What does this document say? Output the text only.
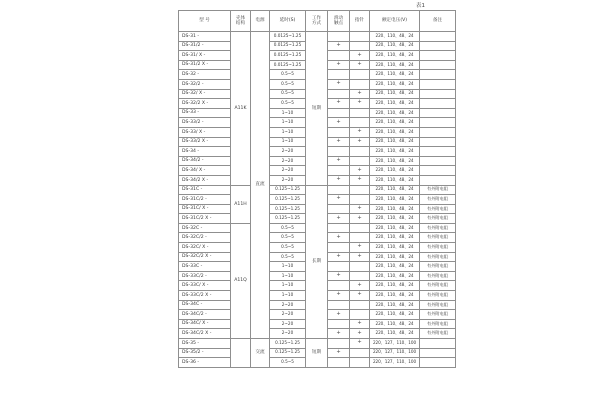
表1
型 号	壳体
结构	电源	延时(S)	工作
方式	滑动
触点	指针	额定电压(V)	备注
DS-31 -	A11K	直流	0.0125~1.25	短期			220、110、48、24	
DS-31/2 -			0.0125~1.25		+		220、110、48、24	
DS-31/ X -			0.0125~1.25			+	220、110、48、24	
DS-31/2 X -			0.0125~1.25		+	+	220、110、48、24	
DS-32 -			0.5~5				220、110、48、24	
DS-32/2 -			0.5~5		+		220、110、48、24	
DS-32/ X -			0.5~5			+	220、110、48、24	
DS-32/2 X -			0.5~5		+	+	220、110、48、24	
DS-33 -			1~10				220、110、48、24	
DS-33/2 -			1~10		+		220、110、48、24	
DS-33/ X -			1~10			+	220、110、48、24	
DS-33/2 X -			1~10		+	+	220、110、48、24	
DS-34 -			2~20				220、110、48、24	
DS-34/2 -			2~20		+		220、110、48、24	
DS-34/ X -			2~20			+	220、110、48、24	
DS-34/2 X -			2~20		+	+	220、110、48、24	
DS-31C -	A11H		0.125~1.25	长期			220、110、48、24	有外附电阻
DS-31C/2 -			0.125~1.25		+		220、110、48、24	有外附电阻
DS-31C/ X -			0.125~1.25			+	220、110、48、24	有外附电阻
DS-31C/2 X -			0.125~1.25		+	+	220、110、48、24	有外附电阻
DS-32C -	A11Q		0.5~5				220、110、48、24	有外附电阻
DS-32C/2 -			0.5~5		+		220、110、48、24	有外附电阻
DS-32C/ X -			0.5~5			+	220、110、48、24	有外附电阻
DS-32C/2 X -			0.5~5		+	+	220、110、48、24	有外附电阻
DS-33C -			1~10				220、110、48、24	有外附电阻
DS-33C/2 -			1~10		+		220、110、48、24	有外附电阻
DS-33C/ X -			1~10			+	220、110、48、24	有外附电阻
DS-33C/2 X -			1~10		+	+	220、110、48、24	有外附电阻
DS-34C -			2~20				220、110、48、24	有外附电阻
DS-34C/2 -			2~20		+		220、110、48、24	有外附电阻
DS-34C/ X -			2~20			+	220、110、48、24	有外附电阻
DS-34C/2 X -			2~20		+	+	220、110、48、24	有外附电阻
DS-35 -		交流	0.125~1.25	短期		+	220、127、110、100	
DS-35/2 -			0.125~1.25		+		220、127、110、100	
DS-36 -			0.5~5				220、127、110、100	
